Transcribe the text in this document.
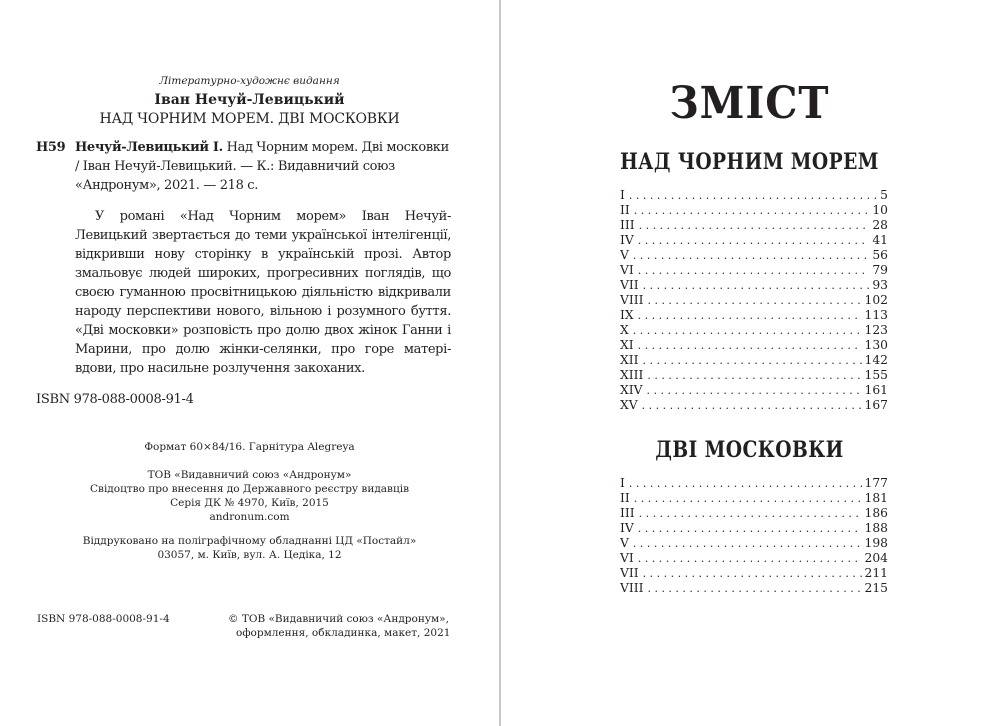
Літературно-художнє видання
Іван Нечуй-Левицький
НАД ЧОРНИМ МОРЕМ. ДВІ МОСКОВКИ
Н59 Нечуй-Левицький І. Над Чорним морем. Дві московки / Іван Нечуй-Левицький. — К.: Видавничий союз «Андронум», 2021. — 218 с.

У романі «Над Чорним морем» Іван Нечуй-Левицький звертається до теми української інтелігенції, відкривши нову сторінку в українській прозі. Автор змальовує людей широких, прогресивних поглядів, що своєю гуманною просвітницькою діяльністю відкривали народу перспективи нового, вільною і розумного буття. «Дві московки» розповість про долю двох жінок Ганни і Марини, про долю жінки-селянки, про горе матері-вдови, про насильне розлучення закоханих.

ISBN 978-088-0008-91-4
Формат 60×84/16. Гарнітура Alegreya
ТОВ «Видавничий союз «Андронум»
Свідоцтво про внесення до Державного реєстру видавців
Серія ДК № 4970, Київ, 2015
andronum.com
Віддруковано на поліграфічному обладнанні ЦД «Постайл»
03057, м. Київ, вул. А. Цедіка, 12
ISBN 978-088-0008-91-4	© ТОВ «Видавничий союз «Андронум»,
оформлення, обкладинка, макет, 2021
ЗМІСТ
НАД ЧОРНИМ МОРЕМ
I . . .	5
II . . .	10
III . . .	28
IV . . .	41
V . . .	56
VI . . .	79
VII . . .	93
VIII . . .	102
IX . . .	113
X . . .	123
XI . . .	130
XII . . .	142
XIII . . .	155
XIV . . .	161
XV . . .	167
ДВІ МОСКОВКИ
I . . .	177
II . . .	181
III . . .	186
IV . . .	188
V . . .	198
VI . . .	204
VII . . .	211
VIII . . .	215
